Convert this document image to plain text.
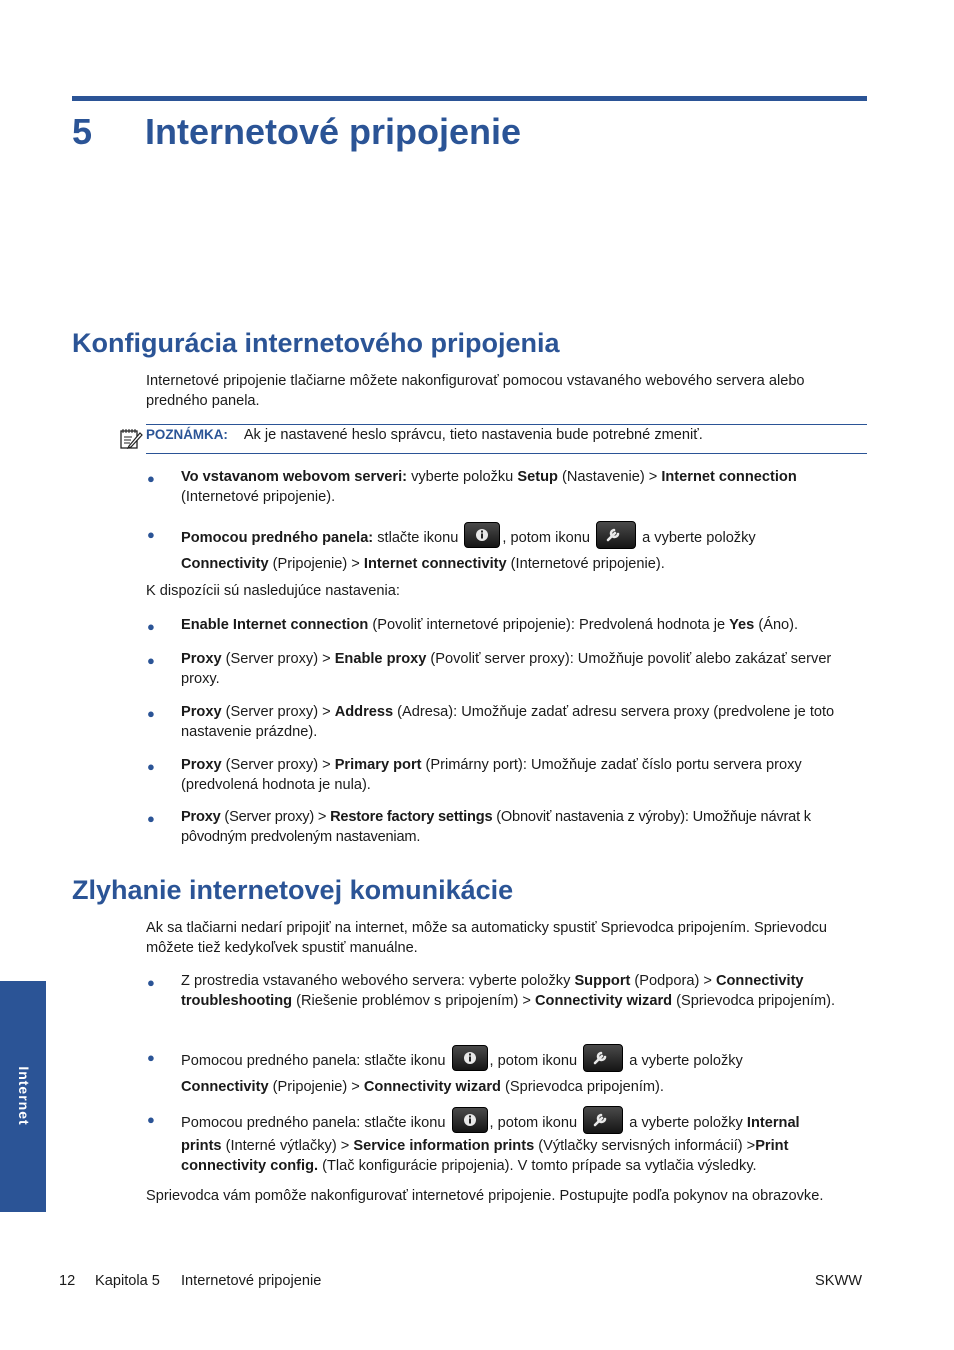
5 Internetové pripojenie
Konfigurácia internetového pripojenia

Internetové pripojenie tlačiarne môžete nakonfigurovať pomocou vstavaného webového servera alebo predného panela.

POZNÁMKA: Ak je nastavené heslo správcu, tieto nastavenia bude potrebné zmeniť.

● Vo vstavanom webovom serveri: vyberte položku Setup (Nastavenie) > Internet connection (Internetové pripojenie).
● Pomocou predného panela: stlačte ikonu	, potom ikonu	a vyberte položky
Connectivity (Pripojenie) > Internet connectivity (Internetové pripojenie).

K dispozícii sú nasledujúce nastavenia:

● Enable Internet connection (Povoliť internetové pripojenie): Predvolená hodnota je Yes (Áno).
● Proxy (Server proxy) > Enable proxy (Povoliť server proxy): Umožňuje povoliť alebo zakázať server proxy.
● Proxy (Server proxy) > Address (Adresa): Umožňuje zadať adresu servera proxy (predvolene je toto nastavenie prázdne).
● Proxy (Server proxy) > Primary port (Primárny port): Umožňuje zadať číslo portu servera proxy (predvolená hodnota je nula).
● Proxy (Server proxy) > Restore factory settings (Obnoviť nastavenia z výroby): Umožňuje návrat k pôvodným predvoleným nastaveniam.
Zlyhanie internetovej komunikácie

Ak sa tlačiarni nedarí pripojiť na internet, môže sa automaticky spustiť Sprievodca pripojením. Sprievodcu môžete tiež kedykoľvek spustiť manuálne.

● Z prostredia vstavaného webového servera: vyberte položky Support (Podpora) > Connectivity troubleshooting (Riešenie problémov s pripojením) > Connectivity wizard (Sprievodca pripojením).
● Pomocou predného panela: stlačte ikonu	, potom ikonu	a vyberte položky
Connectivity (Pripojenie) > Connectivity wizard (Sprievodca pripojením).
● Pomocou predného panela: stlačte ikonu	, potom ikonu	a vyberte položky Internal

prints (Interné výtlačky) > Service information prints (Výtlačky servisných informácií) >Print connectivity config. (Tlač konfigurácie pripojenia). V tomto prípade sa vytlačia výsledky.

Sprievodca vám pomôže nakonfigurovať internetové pripojenie. Postupujte podľa pokynov na obrazovke.

Internet
12 Kapitola 5 Internetové pripojenie	SKWW
